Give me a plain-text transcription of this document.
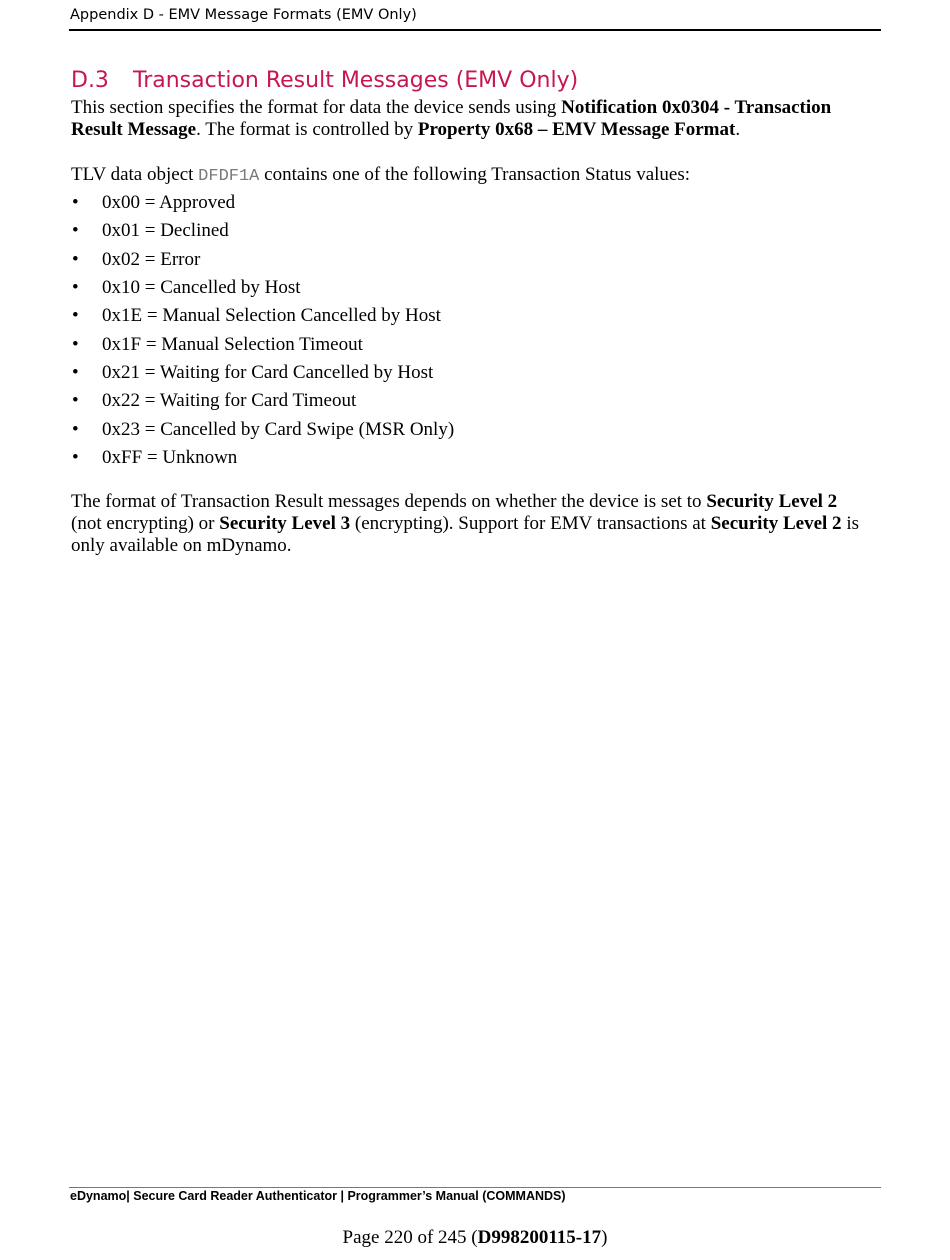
Appendix D - EMV Message Formats (EMV Only)
D.3 Transaction Result Messages (EMV Only)

This section specifies the format for data the device sends using Notification 0x0304 - Transaction Result Message. The format is controlled by Property 0x68 – EMV Message Format.

TLV data object DFDF1A contains one of the following Transaction Status values:

• 0x00 = Approved
• 0x01 = Declined
• 0x02 = Error
• 0x10 = Cancelled by Host
• 0x1E = Manual Selection Cancelled by Host
• 0x1F = Manual Selection Timeout
• 0x21 = Waiting for Card Cancelled by Host
• 0x22 = Waiting for Card Timeout
• 0x23 = Cancelled by Card Swipe (MSR Only)
• 0xFF = Unknown

The format of Transaction Result messages depends on whether the device is set to Security Level 2 (not encrypting) or Security Level 3 (encrypting). Support for EMV transactions at Security Level 2 is only available on mDynamo.

eDynamo| Secure Card Reader Authenticator | Programmer’s Manual (COMMANDS)
Page 220 of 245 (D998200115-17)
